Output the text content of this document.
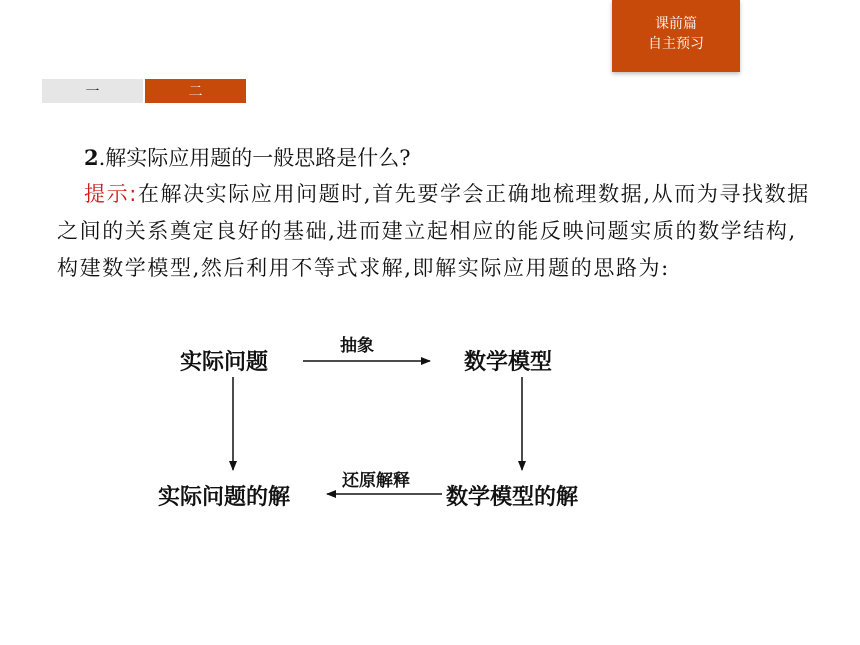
课前篇
自主预习
一	二
2.解实际应用题的一般思路是什么?
提示:在解决实际应用问题时,首先要学会正确地梳理数据,从而为寻找数据之间的关系奠定良好的基础,进而建立起相应的能反映问题实质的数学结构,构建数学模型,然后利用不等式求解,即解实际应用题的思路为:
实际问题	数学模型
实际问题的解	数学模型的解
抽象
还原解释
